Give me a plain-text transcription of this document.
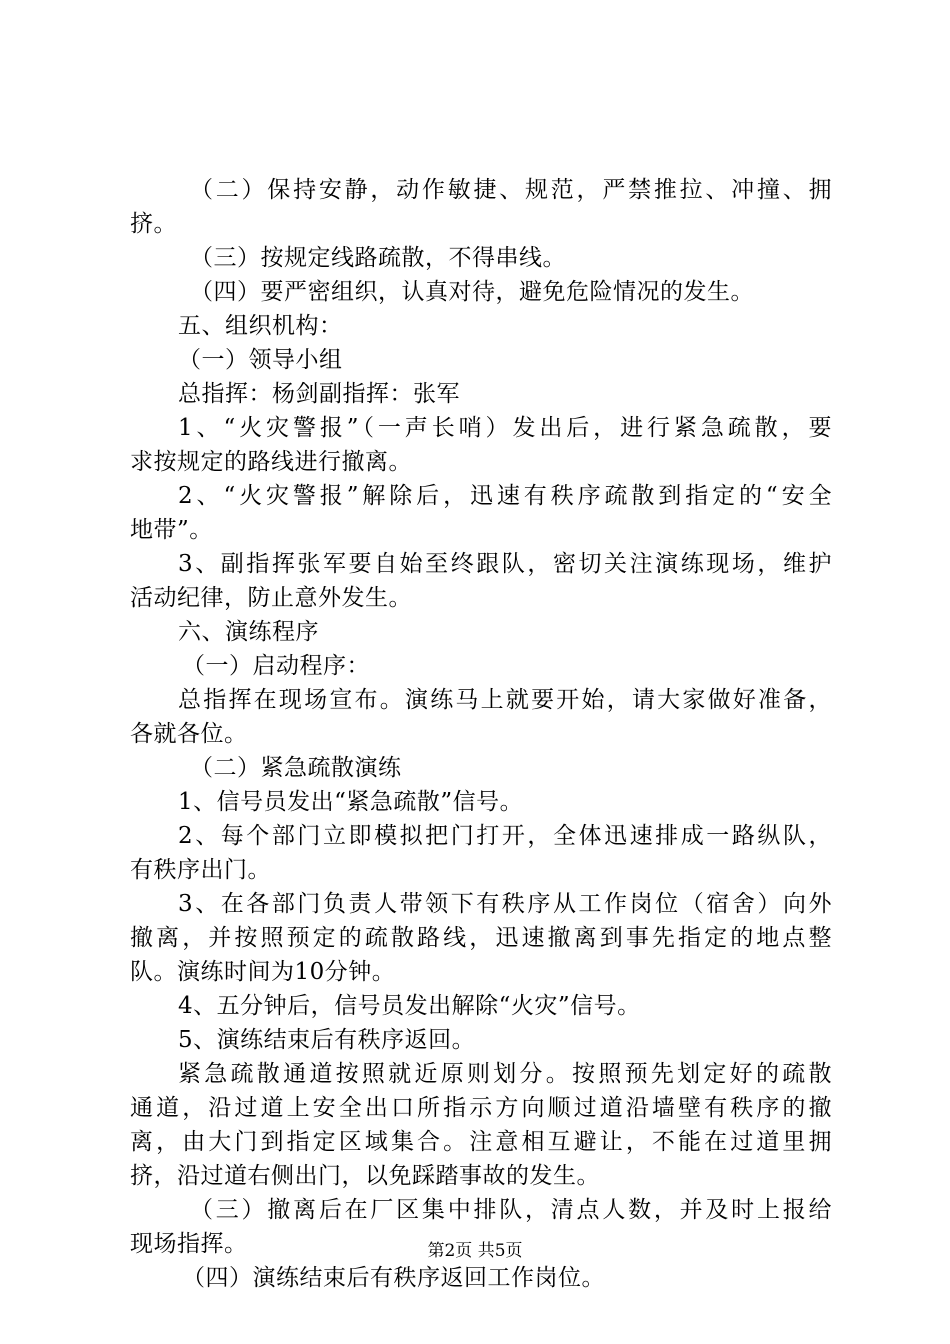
（二）保持安静，动作敏捷、规范，严禁推拉、冲撞、拥
挤。
（三）按规定线路疏散，不得串线。
（四）要严密组织，认真对待，避免危险情况的发生。
五、组织机构：
（一）领导小组
总指挥：杨剑副指挥：张军
1、“火灾警报”（一声长哨）发出后，进行紧急疏散，要
求按规定的路线进行撤离。
2、“火灾警报”解除后，迅速有秩序疏散到指定的“安全
地带”。
3、副指挥张军要自始至终跟队，密切关注演练现场，维护
活动纪律，防止意外发生。
六、演练程序
（一）启动程序：
总指挥在现场宣布。演练马上就要开始，请大家做好准备，
各就各位。
（二）紧急疏散演练
1、信号员发出“紧急疏散”信号。
2、每个部门立即模拟把门打开，全体迅速排成一路纵队，
有秩序出门。
3、在各部门负责人带领下有秩序从工作岗位（宿舍）向外
撤离，并按照预定的疏散路线，迅速撤离到事先指定的地点整
队。演练时间为10分钟。
4、五分钟后，信号员发出解除“火灾”信号。
5、演练结束后有秩序返回。
紧急疏散通道按照就近原则划分。按照预先划定好的疏散
通道，沿过道上安全出口所指示方向顺过道沿墙壁有秩序的撤
离，由大门到指定区域集合。注意相互避让，不能在过道里拥
挤，沿过道右侧出门，以免踩踏事故的发生。
（三）撤离后在厂区集中排队，清点人数，并及时上报给
现场指挥。
（四）演练结束后有秩序返回工作岗位。
第2页 共5页
